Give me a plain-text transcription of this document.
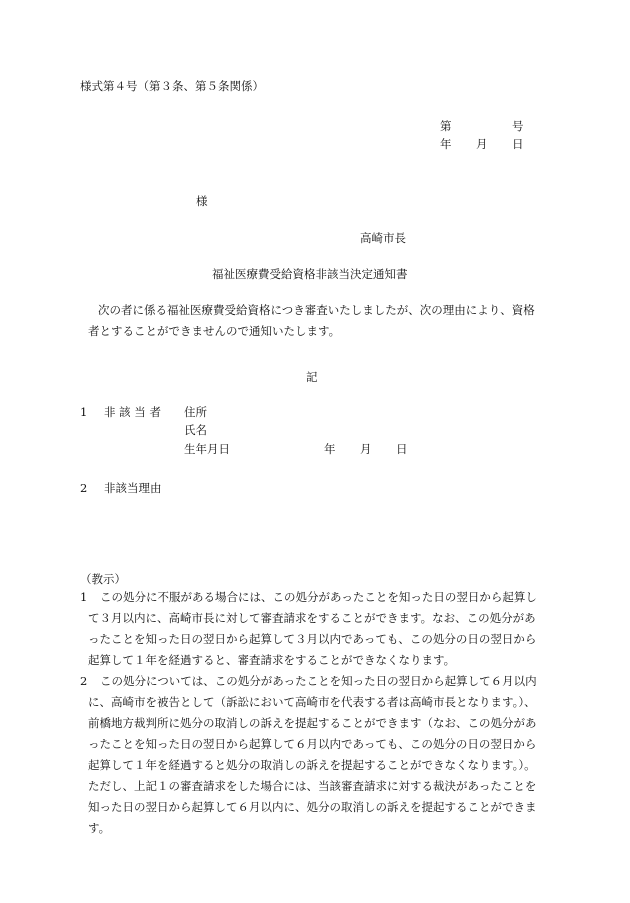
様式第４号（第３条、第５条関係）
第	号
年 月 日
様
高崎市長
福祉医療費受給資格非該当決定通知書
次の者に係る福祉医療費受給資格につき審査いたしましたが、次の理由により、資格
者とすることができませんので通知いたします。
記
1 非 該 当 者 住所
氏名
生年月日	年 月 日
2 非該当理由
（教示）
1	この処分に不服がある場合には、この処分があったことを知った日の翌日から起算し
て３月以内に、高崎市長に対して審査請求をすることができます。なお、この処分があ
ったことを知った日の翌日から起算して３月以内であっても、この処分の日の翌日から
起算して１年を経過すると、審査請求をすることができなくなります。
2	この処分については、この処分があったことを知った日の翌日から起算して６月以内
に、高崎市を被告として（訴訟において高崎市を代表する者は高崎市長となります。）、
前橋地方裁判所に処分の取消しの訴えを提起することができます（なお、この処分があ
ったことを知った日の翌日から起算して６月以内であっても、この処分の日の翌日から
起算して１年を経過すると処分の取消しの訴えを提起することができなくなります。）。
ただし、上記１の審査請求をした場合には、当該審査請求に対する裁決があったことを
知った日の翌日から起算して６月以内に、処分の取消しの訴えを提起することができま
す。
